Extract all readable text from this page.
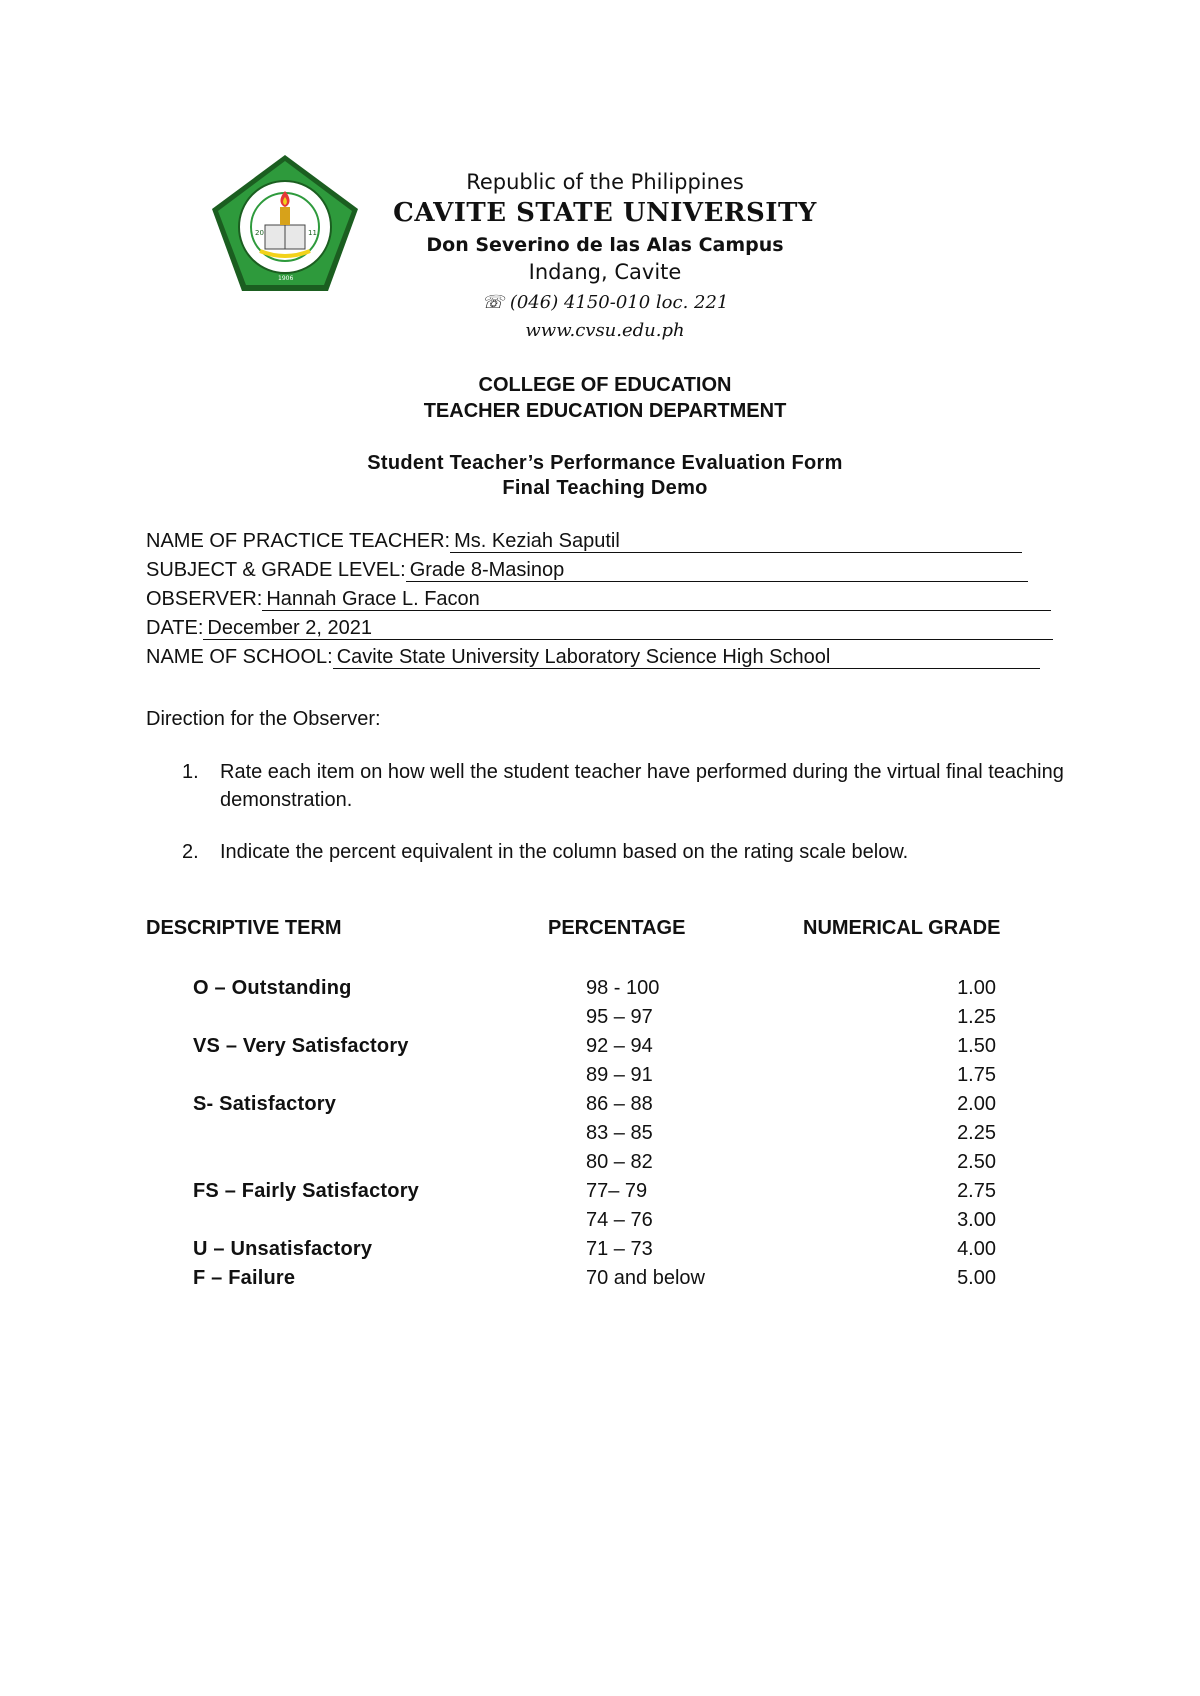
20	11
1906
Republic of the Philippines
CAVITE STATE UNIVERSITY
Don Severino de las Alas Campus
Indang, Cavite
☏ (046) 4150-010 loc. 221
www.cvsu.edu.ph
COLLEGE OF EDUCATION
TEACHER EDUCATION DEPARTMENT
Student Teacher’s Performance Evaluation Form
Final Teaching Demo
NAME OF PRACTICE TEACHER: Ms. Keziah Saputil
SUBJECT & GRADE LEVEL: Grade 8-Masinop
OBSERVER: Hannah Grace L. Facon
DATE: December 2, 2021
NAME OF SCHOOL: Cavite State University Laboratory Science High School
Direction for the Observer:
1. Rate each item on how well the student teacher have performed during the virtual final teaching demonstration.
2. Indicate the percent equivalent in the column based on the rating scale below.
DESCRIPTIVE TERM	PERCENTAGE	NUMERICAL GRADE
O – Outstanding	98 - 100	1.00
95 – 97	1.25
VS – Very Satisfactory	92 – 94	1.50
89 – 91	1.75
S- Satisfactory	86 – 88	2.00
83 – 85	2.25
80 – 82	2.50
FS – Fairly Satisfactory	77– 79	2.75
74 – 76	3.00
U – Unsatisfactory	71 – 73	4.00
F – Failure	70 and below	5.00
